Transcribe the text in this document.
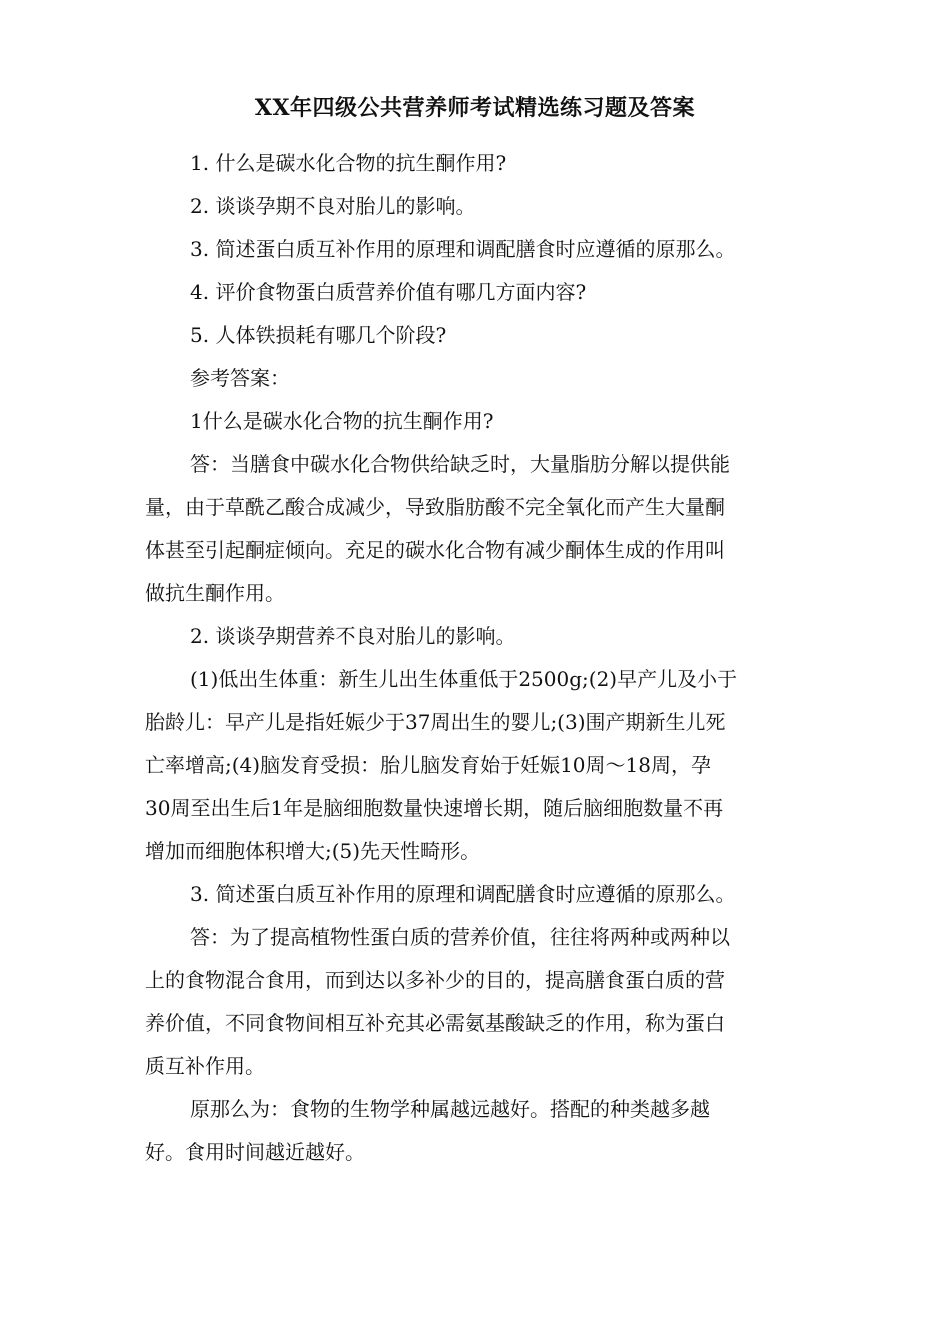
XX年四级公共营养师考试精选练习题及答案
1. 什么是碳水化合物的抗生酮作用?
2. 谈谈孕期不良对胎儿的影响。
3. 简述蛋白质互补作用的原理和调配膳食时应遵循的原那么。
4. 评价食物蛋白质营养价值有哪几方面内容?
5. 人体铁损耗有哪几个阶段?
参考答案：
1什么是碳水化合物的抗生酮作用?
答：当膳食中碳水化合物供给缺乏时，大量脂肪分解以提供能
量，由于草酰乙酸合成减少，导致脂肪酸不完全氧化而产生大量酮
体甚至引起酮症倾向。充足的碳水化合物有减少酮体生成的作用叫
做抗生酮作用。
2. 谈谈孕期营养不良对胎儿的影响。
(1)低出生体重：新生儿出生体重低于2500g;(2)早产儿及小于
胎龄儿：早产儿是指妊娠少于37周出生的婴儿;(3)围产期新生儿死
亡率增高;(4)脑发育受损：胎儿脑发育始于妊娠10周～18周，孕
30周至出生后1年是脑细胞数量快速增长期，随后脑细胞数量不再
增加而细胞体积增大;(5)先天性畸形。
3. 简述蛋白质互补作用的原理和调配膳食时应遵循的原那么。
答：为了提高植物性蛋白质的营养价值，往往将两种或两种以
上的食物混合食用，而到达以多补少的目的，提高膳食蛋白质的营
养价值，不同食物间相互补充其必需氨基酸缺乏的作用，称为蛋白
质互补作用。
原那么为：食物的生物学种属越远越好。搭配的种类越多越
好。食用时间越近越好。
